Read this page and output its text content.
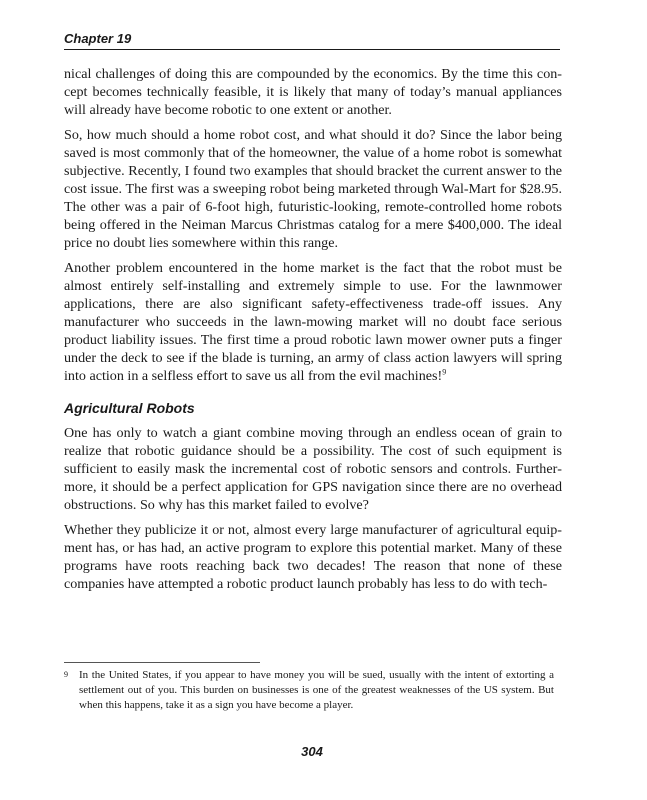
Chapter 19

nical challenges of doing this are compounded by the economics. By the time this concept becomes technically feasible, it is likely that many of today’s manual appliances will already have become robotic to one extent or another.

So, how much should a home robot cost, and what should it do? Since the labor being saved is most commonly that of the homeowner, the value of a home robot is somewhat subjective. Recently, I found two examples that should bracket the current answer to the cost issue. The first was a sweeping robot being marketed through Wal-Mart for $28.95. The other was a pair of 6-foot high, futuristic-looking, remote-controlled home robots being offered in the Neiman Marcus Christmas catalog for a mere $400,000. The ideal price no doubt lies somewhere within this range.

Another problem encountered in the home market is the fact that the robot must be almost entirely self-installing and extremely simple to use. For the lawnmower applications, there are also significant safety-effectiveness trade-off issues. Any manufacturer who succeeds in the lawn-mowing market will no doubt face serious product liability issues. The first time a proud robotic lawn mower owner puts a finger under the deck to see if the blade is turning, an army of class action lawyers will spring into action in a selfless effort to save us all from the evil machines!$^9$

Agricultural Robots

One has only to watch a giant combine moving through an endless ocean of grain to realize that robotic guidance should be a possibility. The cost of such equipment is sufficient to easily mask the incremental cost of robotic sensors and controls. Furthermore, it should be a perfect application for GPS navigation since there are no overhead obstructions. So why has this market failed to evolve?

Whether they publicize it or not, almost every large manufacturer of agricultural equipment has, or has had, an active program to explore this potential market. Many of these programs have roots reaching back two decades! The reason that none of these companies have attempted a robotic product launch probably has less to do with tech-

9	In the United States, if you appear to have money you will be sued, usually with the intent of extorting a settlement out of you. This burden on businesses is one of the greatest weaknesses of the US system. But when this happens, take it as a sign you have become a player.
304
